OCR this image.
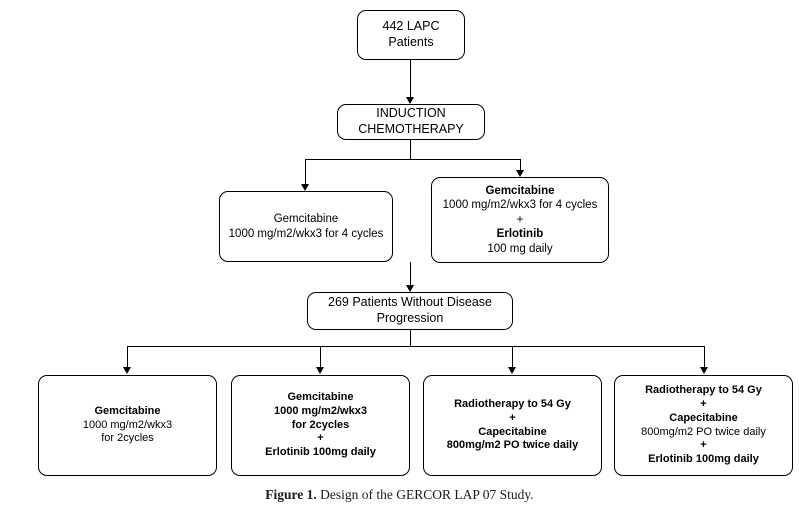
442 LAPC
Patients
INDUCTION
CHEMOTHERAPY
Gemcitabine
1000 mg/m2/wkx3 for 4 cycles
Gemcitabine
1000 mg/m2/wkx3 for 4 cycles
+
Erlotinib
100 mg daily
269 Patients Without Disease
Progression
Gemcitabine
1000 mg/m2/wkx3
for 2cycles
Gemcitabine
1000 mg/m2/wkx3
for 2cycles
+
Erlotinib 100mg daily
Radiotherapy to 54 Gy
+
Capecitabine
800mg/m2 PO twice daily
Radiotherapy to 54 Gy
+
Capecitabine
800mg/m2 PO twice daily
+
Erlotinib 100mg daily
Figure 1. Design of the GERCOR LAP 07 Study.
